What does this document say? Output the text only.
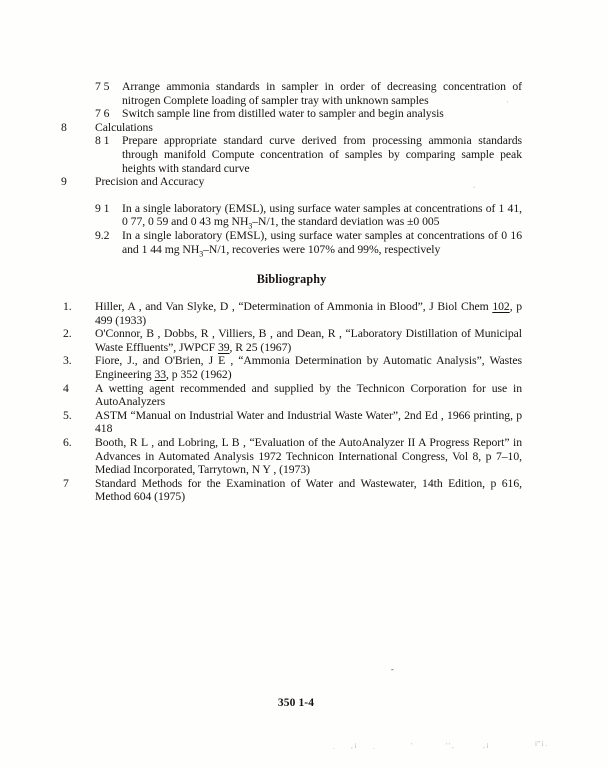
7 5 Arrange ammonia standards in sampler in order of decreasing concentration of nitrogen Complete loading of sampler tray with unknown samples
7 6 Switch sample line from distilled water to sampler and begin analysis
8 Calculations
8 1 Prepare appropriate standard curve derived from processing ammonia standards through manifold Compute concentration of samples by comparing sample peak heights with standard curve
9 Precision and Accuracy
9 1 In a single laboratory (EMSL), using surface water samples at concentrations of 1 41, 0 77, 0 59 and 0 43 mg $NH_3-N/1$, the standard deviation was ±0 005
9.2 In a single laboratory (EMSL), using surface water samples at concentrations of 0 16 and 1 44 mg $NH_3-N/1$, recoveries were 107% and 99%, respectively
Bibliography
1. Hiller, A , and Van Slyke, D , “Determination of Ammonia in Blood”, J Biol Chem 102, p 499 (1933)
2. O'Connor, B , Dobbs, R , Villiers, B , and Dean, R , “Laboratory Distillation of Municipal Waste Effluents”, JWPCF 39, R 25 (1967)
3. Fiore, J., and O'Brien, J $\overline{E}$ , “Ammonia Determination by Automatic Analysis”, Wastes Engineering 33, p 352 (1962)
4 A wetting agent recommended and supplied by the Technicon Corporation for use in AutoAnalyzers
5. ASTM “Manual on Industrial Water and Industrial Waste Water”, 2nd Ed , 1966 printing, p 418
6. Booth, R L , and Lobring, L B , “Evaluation of the AutoAnalyzer II A Progress Report” in Advances in Automated Analysis 1972 Technicon International Congress, Vol 8, p 7–10, Mediad Incorporated, Tarrytown, N Y , (1973)
7 Standard Methods for the Examination of Water and Wastewater, 14th Edition, p 616, Method 604 (1975)
350 1-4
'
‘
-
. , i .	'	' ' ,	, i	i” i .
